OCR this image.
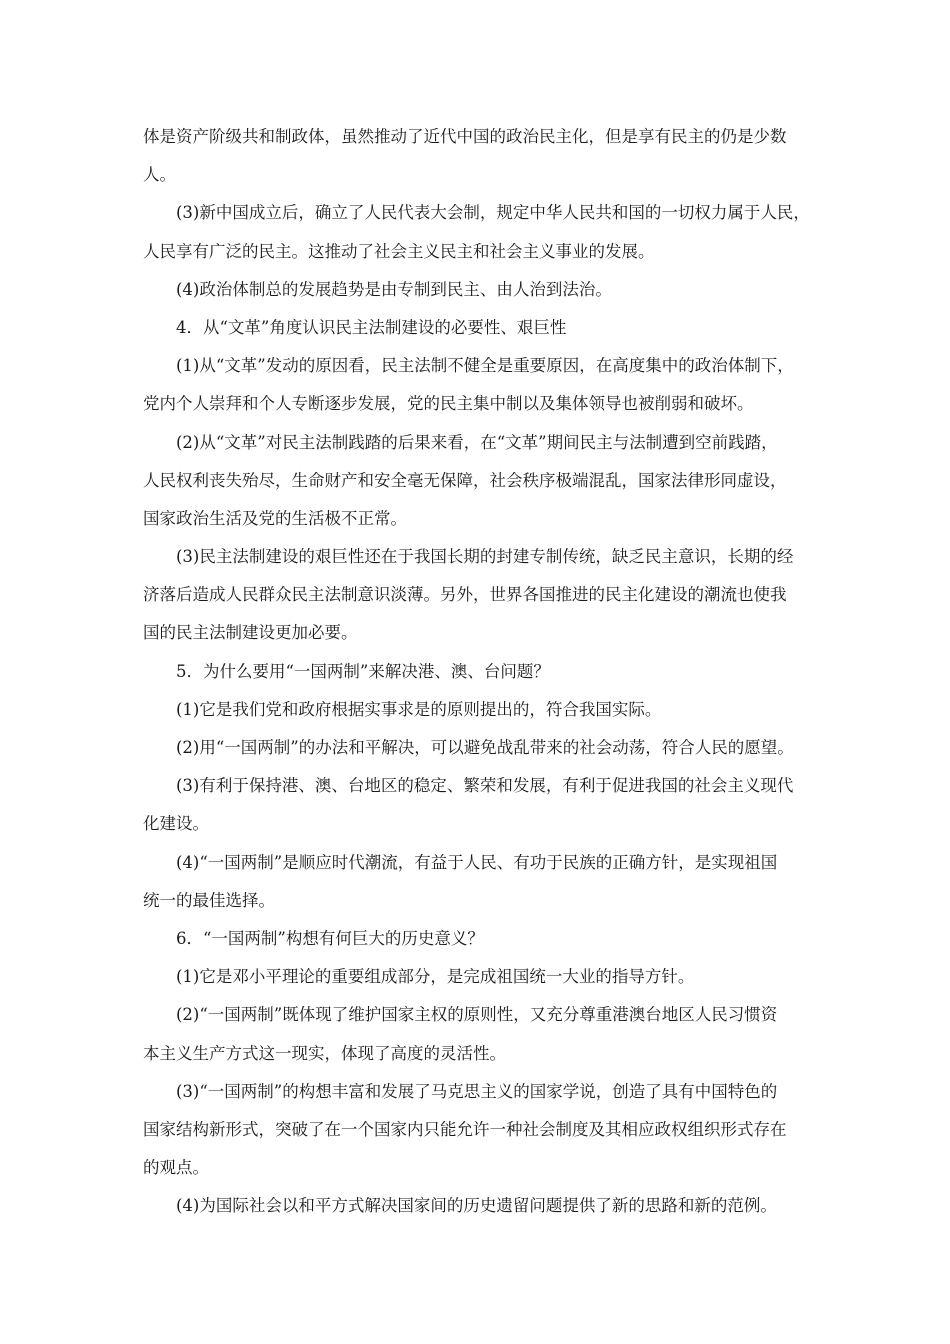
体是资产阶级共和制政体，虽然推动了近代中国的政治民主化，但是享有民主的仍是少数
人。
(3)新中国成立后，确立了人民代表大会制，规定中华人民共和国的一切权力属于人民，
人民享有广泛的民主。这推动了社会主义民主和社会主义事业的发展。
(4)政治体制总的发展趋势是由专制到民主、由人治到法治。
4．从“文革”角度认识民主法制建设的必要性、艰巨性
(1)从“文革”发动的原因看，民主法制不健全是重要原因，在高度集中的政治体制下，
党内个人崇拜和个人专断逐步发展，党的民主集中制以及集体领导也被削弱和破坏。
(2)从“文革”对民主法制践踏的后果来看，在“文革”期间民主与法制遭到空前践踏，
人民权利丧失殆尽，生命财产和安全毫无保障，社会秩序极端混乱，国家法律形同虚设，
国家政治生活及党的生活极不正常。
(3)民主法制建设的艰巨性还在于我国长期的封建专制传统，缺乏民主意识，长期的经
济落后造成人民群众民主法制意识淡薄。另外，世界各国推进的民主化建设的潮流也使我
国的民主法制建设更加必要。
5．为什么要用“一国两制”来解决港、澳、台问题？
(1)它是我们党和政府根据实事求是的原则提出的，符合我国实际。
(2)用“一国两制”的办法和平解决，可以避免战乱带来的社会动荡，符合人民的愿望。
(3)有利于保持港、澳、台地区的稳定、繁荣和发展，有利于促进我国的社会主义现代
化建设。
(4)“一国两制”是顺应时代潮流，有益于人民、有功于民族的正确方针，是实现祖国
统一的最佳选择。
6．“一国两制”构想有何巨大的历史意义？
(1)它是邓小平理论的重要组成部分，是完成祖国统一大业的指导方针。
(2)“一国两制”既体现了维护国家主权的原则性，又充分尊重港澳台地区人民习惯资
本主义生产方式这一现实，体现了高度的灵活性。
(3)“一国两制”的构想丰富和发展了马克思主义的国家学说，创造了具有中国特色的
国家结构新形式，突破了在一个国家内只能允许一种社会制度及其相应政权组织形式存在
的观点。
(4)为国际社会以和平方式解决国家间的历史遗留问题提供了新的思路和新的范例。
